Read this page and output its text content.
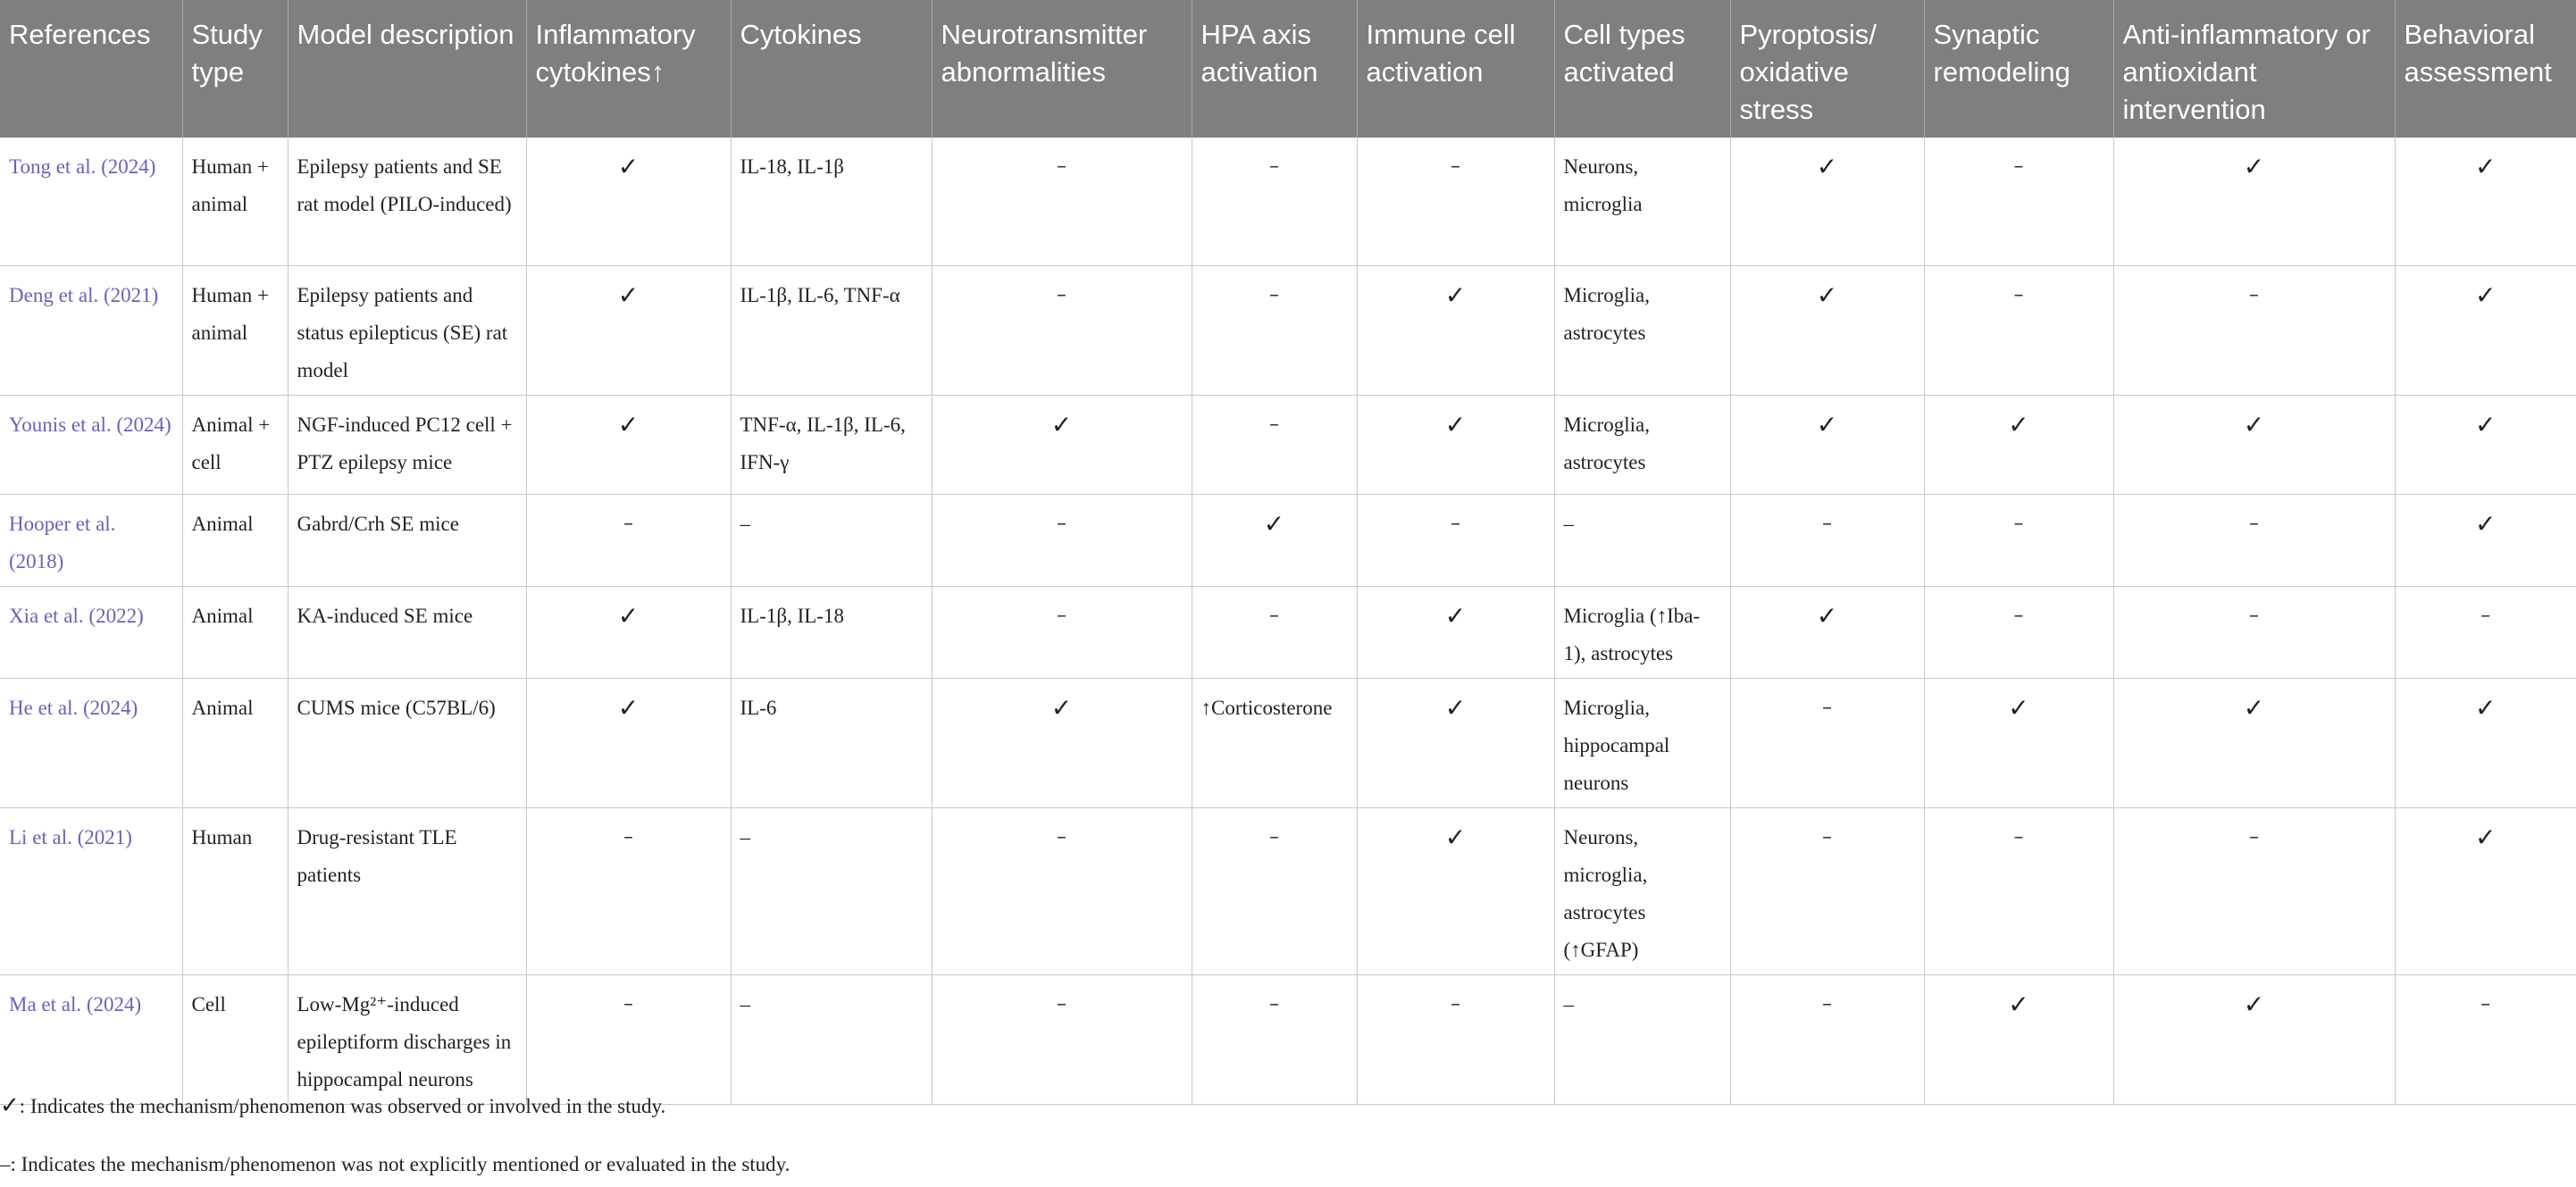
References	Study type	Model description	Inflammatory cytokines↑	Cytokines	Neurotransmitter abnormalities	HPA axis activation	Immune cell activation	Cell types activated	Pyroptosis/ oxidative stress	Synaptic remodeling	Anti-inflammatory or antioxidant intervention	Behavioral assessment
Tong et al. (2024)	Human + animal	Epilepsy patients and SE rat model (PILO-induced)	✓	IL-18, IL-1β	–	–	–	Neurons, microglia	✓	–	✓	✓
Deng et al. (2021)	Human + animal	Epilepsy patients and status epilepticus (SE) rat model	✓	IL-1β, IL-6, TNF-α	–	–	✓	Microglia, astrocytes	✓	–	–	✓
Younis et al. (2024)	Animal + cell	NGF-induced PC12 cell + PTZ epilepsy mice	✓	TNF-α, IL-1β, IL-6, IFN-γ	✓	–	✓	Microglia, astrocytes	✓	✓	✓	✓
Hooper et al. (2018)	Animal	Gabrd/Crh SE mice	–	–	–	✓	–	–	–	–	–	✓
Xia et al. (2022)	Animal	KA-induced SE mice	✓	IL-1β, IL-18	–	–	✓	Microglia (↑Iba-1), astrocytes	✓	–	–	–
He et al. (2024)	Animal	CUMS mice (C57BL/6)	✓	IL-6	✓	↑Corticosterone	✓	Microglia, hippocampal neurons	–	✓	✓	✓
Li et al. (2021)	Human	Drug-resistant TLE patients	–	–	–	–	✓	Neurons, microglia, astrocytes (↑GFAP)	–	–	–	✓
Ma et al. (2024)	Cell	Low-Mg²⁺-induced epileptiform discharges in hippocampal neurons	–	–	–	–	–	–	–	✓	✓	–

✓: Indicates the mechanism/phenomenon was observed or involved in the study.

–: Indicates the mechanism/phenomenon was not explicitly mentioned or evaluated in the study.
